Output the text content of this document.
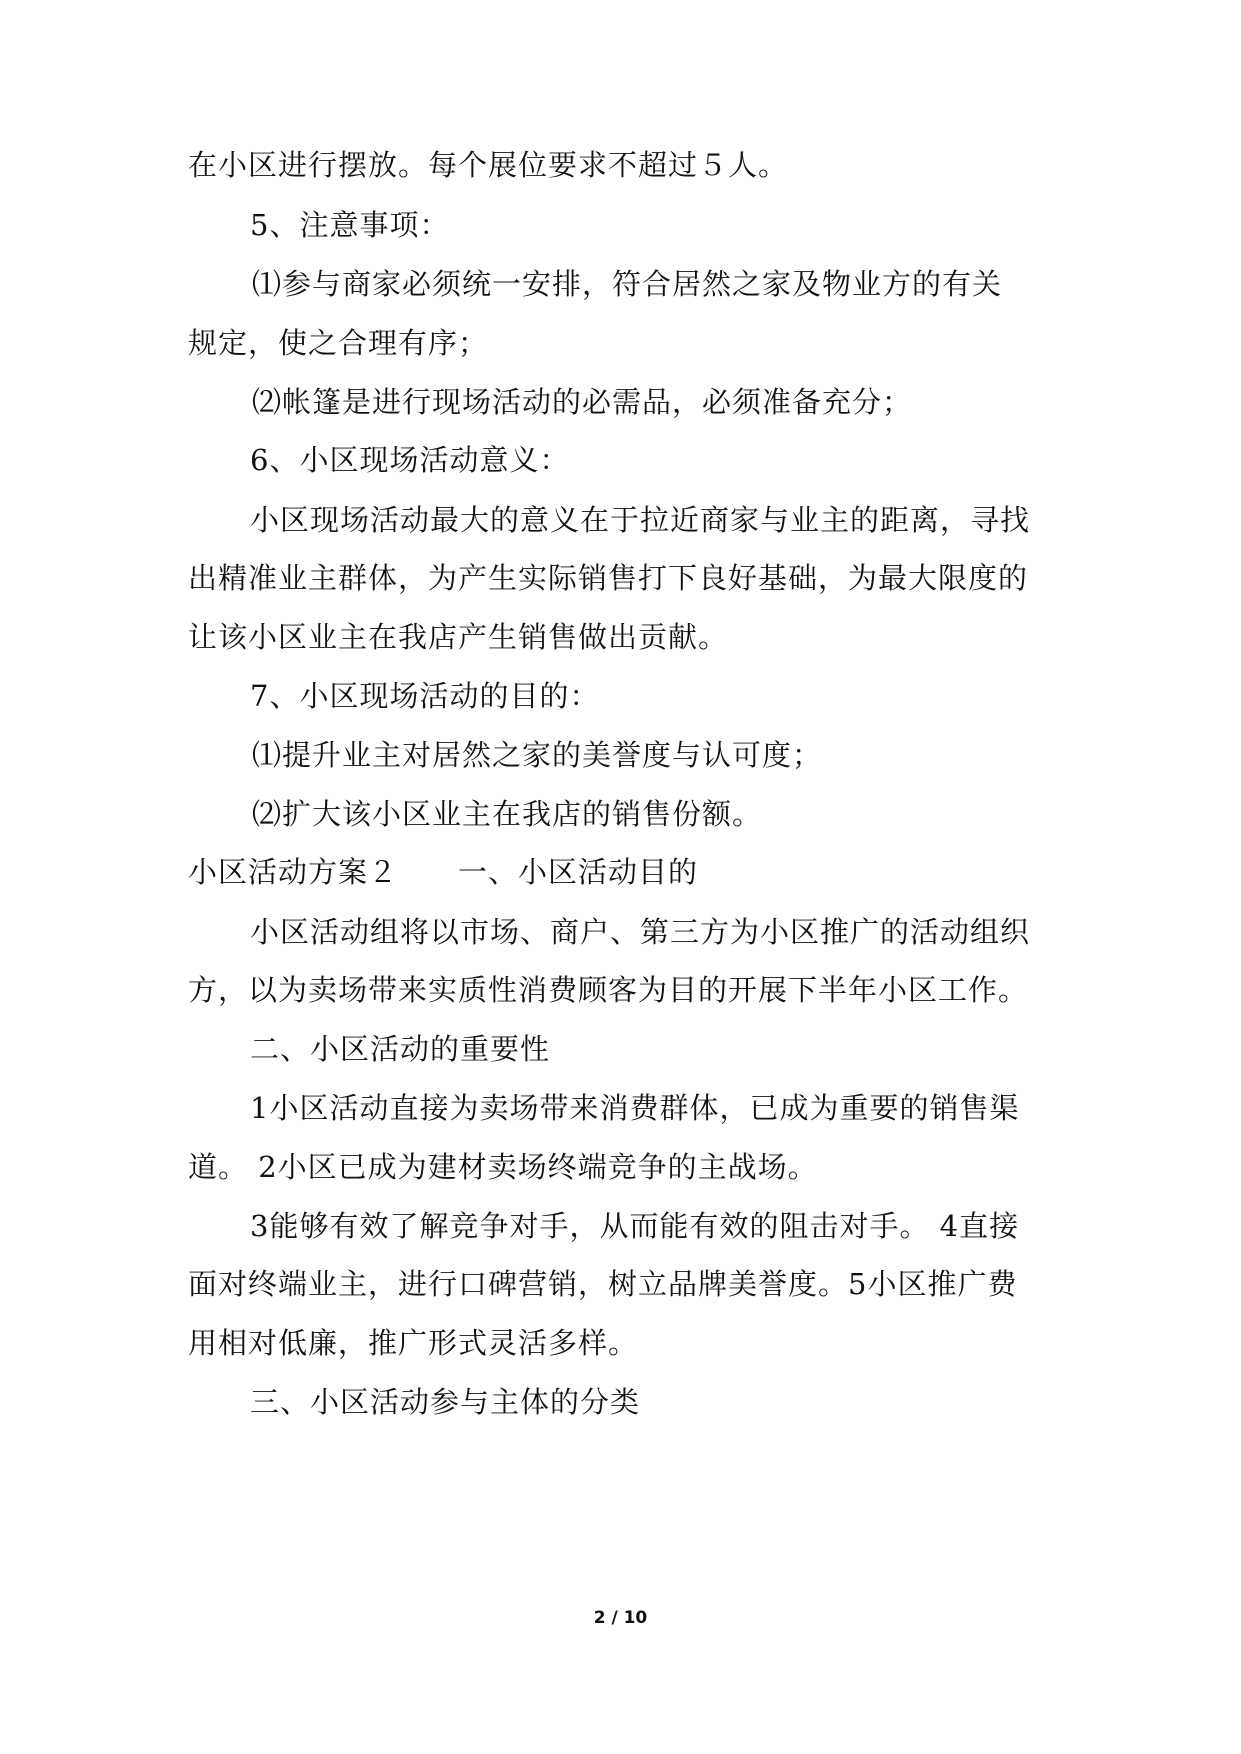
在小区进行摆放。每个展位要求不超过５人。
5、注意事项：
⑴参与商家必须统一安排，符合居然之家及物业方的有关
规定，使之合理有序；
⑵帐篷是进行现场活动的必需品，必须准备充分；
6、小区现场活动意义：
小区现场活动最大的意义在于拉近商家与业主的距离，寻找
出精准业主群体，为产生实际销售打下良好基础，为最大限度的
让该小区业主在我店产生销售做出贡献。
7、小区现场活动的目的：
⑴提升业主对居然之家的美誉度与认可度；
⑵扩大该小区业主在我店的销售份额。
小区活动方案２　　一、小区活动目的
小区活动组将以市场、商户、第三方为小区推广的活动组织
方，以为卖场带来实质性消费顾客为目的开展下半年小区工作。
二、小区活动的重要性
1小区活动直接为卖场带来消费群体，已成为重要的销售渠
道。 2小区已成为建材卖场终端竞争的主战场。
3能够有效了解竞争对手，从而能有效的阻击对手。 4直接
面对终端业主，进行口碑营销，树立品牌美誉度。5小区推广费
用相对低廉，推广形式灵活多样。
三、小区活动参与主体的分类
2 / 10
